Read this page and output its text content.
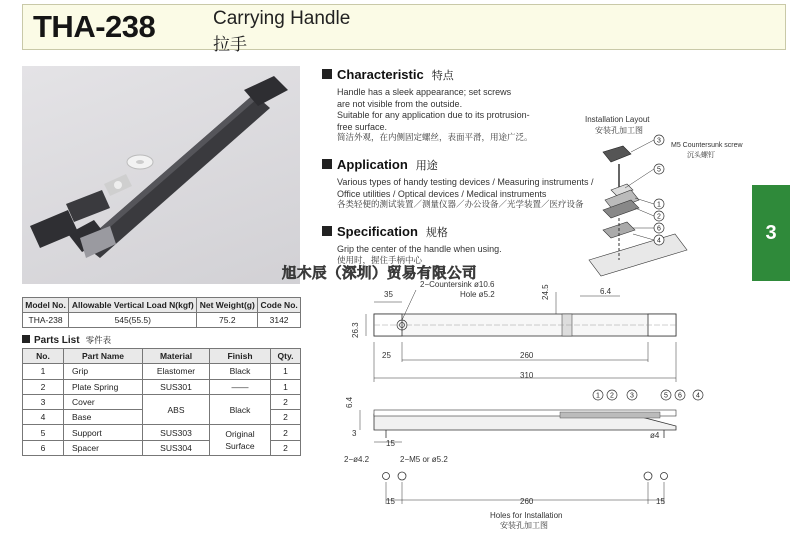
THA-238	Carrying Handle
拉手
Characteristic 特点
Handle has a sleek appearance; set screws
are not visible from the outside.
Suitable for any application due to its protrusion-
free surface.
简洁外观，在内侧固定螺丝，表面平滑，用途广泛。
Application 用途
Various types of handy testing devices / Measuring instruments /
Office utilities / Optical devices / Medical instruments
各类轻便的测试装置／测量仪器／办公设备／光学装置／医疗设备
Specification 规格
Grip the center of the handle when using.
使用时，握住手柄中心
旭木辰（深圳）贸易有限公司
Installation Layout
安装孔加工图
M5 Countersunk screw
沉头螺钉
3
5
1
2
6
4	3
Model No.	Allowable Vertical Load N(kgf)	Net Weight(g)	Code No.
THA-238	545(55.5)	75.2	3142
Parts List 零件表
No.	Part Name	Material	Finish	Qty.
1	Grip	Elastomer	Black	1
2	Plate Spring	SUS301	——	1
3	Cover	ABS	Black	2
4	Base			2
5	Support	SUS303	Original Surface	2
6	Spacer	SUS304		2
2−Countersink ø10.6
Hole ø5.2
35	24.5	6.4
26.3
25	260
310
6.4
3
15
ø4
2−ø4.2	2−M5 or ø5.2
15	260	15
Holes for Installation
安装孔加工图
1 2 3	5 6 4
